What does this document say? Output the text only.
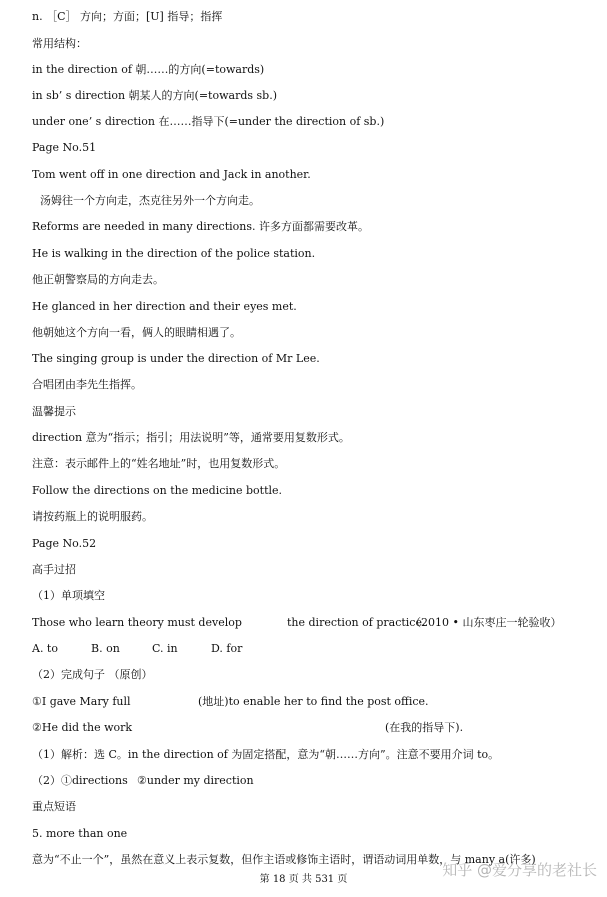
n. ［C］ 方向；方面；[U] 指导；指挥
常用结构：
in the direction of 朝……的方向(=towards)
in sb’ s direction 朝某人的方向(=towards sb.)
under one’ s direction 在……指导下(=under the direction of sb.)
Page No.51
Tom went off in one direction and Jack in another.
汤姆往一个方向走，杰克往另外一个方向走。
Reforms are needed in many directions. 许多方面都需要改革。
He is walking in the direction of the police station.
他正朝警察局的方向走去。
He glanced in her direction and their eyes met.
他朝她这个方向一看，俩人的眼睛相遇了。
The singing group is under the direction of Mr Lee.
合唱团由李先生指挥。
温馨提示
direction 意为“指示；指引；用法说明”等，通常要用复数形式。
注意：表示邮件上的“姓名地址”时，也用复数形式。
Follow the directions on the medicine bottle.
请按药瓶上的说明服药。
Page No.52
高手过招
（1）单项填空
Those who learn theory must develop	the direction of practice.
（2010 • 山东枣庄一轮验收）
A. to	B. on	C. in	D. for
（2）完成句子 （原创）
①I gave Mary full	(地址)to enable her to find the post office.
②He did the work	(在我的指导下).
（1）解析：选 C。in the direction of 为固定搭配，意为“朝……方向”。注意不要用介词 to。
（2）①directions ②under my direction
重点短语
5. more than one
意为“不止一个”，虽然在意义上表示复数，但作主语或修饰主语时，谓语动词用单数，与 many a(许多)
第 18 页 共 531 页
知乎 @爱分享的老社长
